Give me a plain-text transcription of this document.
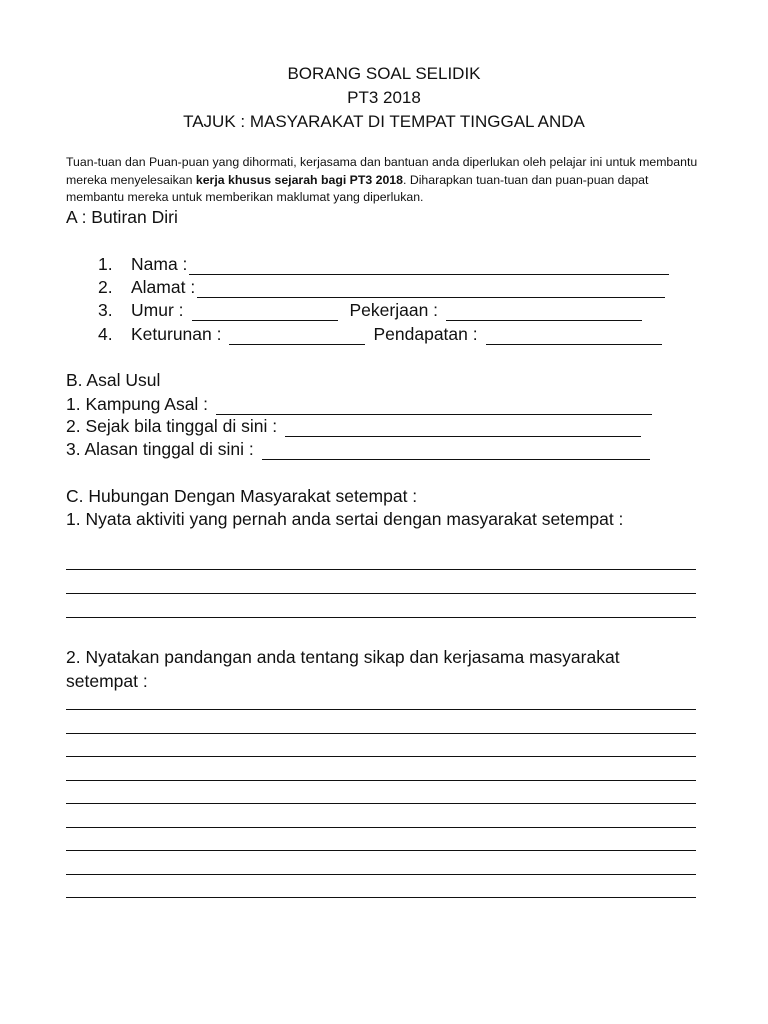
BORANG SOAL SELIDIK
PT3 2018
TAJUK : MASYARAKAT DI TEMPAT TINGGAL ANDA
Tuan-tuan dan Puan-puan yang dihormati, kerjasama dan bantuan anda diperlukan oleh pelajar ini untuk membantu mereka menyelesaikan kerja khusus sejarah bagi PT3 2018. Diharapkan tuan-tuan dan puan-puan dapat membantu mereka untuk memberikan maklumat yang diperlukan.
A : Butiran Diri
1.	Nama :
2.	Alamat :
3.	Umur :	Pekerjaan :
4.	Keturunan :	Pendapatan :
B. Asal Usul
1. Kampung Asal :
2. Sejak bila tinggal di sini :
3. Alasan tinggal di sini :
C. Hubungan Dengan Masyarakat setempat :
1. Nyata aktiviti yang pernah anda sertai dengan masyarakat setempat :
2. Nyatakan pandangan anda tentang sikap dan kerjasama masyarakat setempat :
